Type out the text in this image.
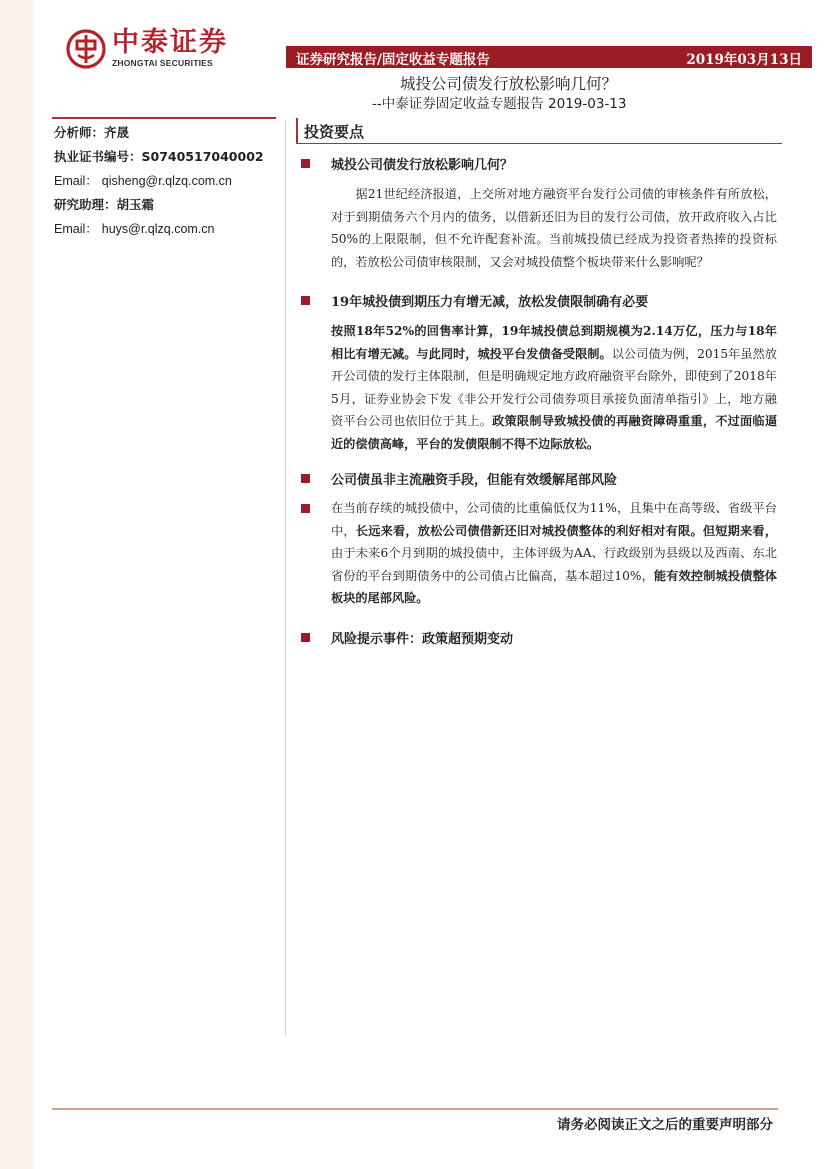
中泰证券
ZHONGTAI SECURITIES	证券研究报告/固定收益专题报告	2019年03月13日
城投公司债发行放松影响几何？
--中泰证券固定收益专题报告 2019-03-13
分析师：齐晟
执业证书编号：S0740517040002
Email： qisheng@r.qlzq.com.cn
研究助理：胡玉霜
Email： huys@r.qlzq.com.cn
投资要点
城投公司债发行放松影响几何？
据21世纪经济报道，上交所对地方融资平台发行公司债的审核条件有所放松，对于到期债务六个月内的债务，以借新还旧为目的发行公司债，放开政府收入占比50%的上限限制，但不允许配套补流。当前城投债已经成为投资者热捧的投资标的，若放松公司债审核限制，又会对城投债整个板块带来什么影响呢？
19年城投债到期压力有增无减，放松发债限制确有必要
按照18年52%的回售率计算，19年城投债总到期规模为2.14万亿，压力与18年相比有增无减。与此同时，城投平台发债备受限制。以公司债为例，2015年虽然放开公司债的发行主体限制，但是明确规定地方政府融资平台除外，即使到了2018年5月，证券业协会下发《非公开发行公司债券项目承接负面清单指引》上，地方融资平台公司也依旧位于其上。政策限制导致城投债的再融资障碍重重，不过面临逼近的偿债高峰，平台的发债限制不得不边际放松。
公司债虽非主流融资手段，但能有效缓解尾部风险
在当前存续的城投债中，公司债的比重偏低仅为11%，且集中在高等级、省级平台中，长远来看，放松公司债借新还旧对城投债整体的利好相对有限。但短期来看，由于未来6个月到期的城投债中，主体评级为AA、行政级别为县级以及西南、东北省份的平台到期债务中的公司债占比偏高，基本超过10%，能有效控制城投债整体板块的尾部风险。
风险提示事件：政策超预期变动
请务必阅读正文之后的重要声明部分
